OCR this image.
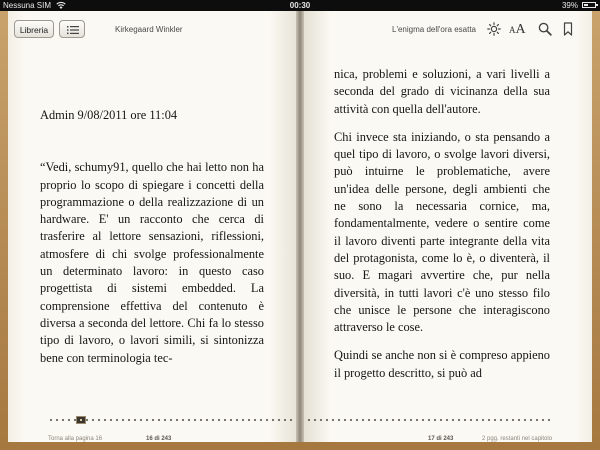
Nessuna SIM	00:30	39%
Libreria	Kirkegaard Winkler	L'enigma dell'ora esatta	AA

Admin 9/08/2011 ore 11:04

“Vedi, schumy91, quello che hai letto non ha proprio lo scopo di spiegare i concetti della programmazione o della realizzazione di un hardware. E' un racconto che cerca di trasferire al lettore sensazioni, riflessioni, atmosfere di chi svolge professionalmente un determinato lavoro: in questo caso progettista di sistemi embedded. La comprensione effettiva del contenuto è diversa a seconda del lettore. Chi fa lo stesso tipo di lavoro, o lavori simili, si sintonizza bene con terminologia tec-

nica, problemi e soluzioni, a vari livelli a seconda del grado di vicinanza della sua attività con quella dell'autore.

Chi invece sta iniziando, o sta pensando a quel tipo di lavoro, o svolge lavori diversi, può intuirne le problematiche, avere un'idea delle persone, degli ambienti che ne sono la necessaria cornice, ma, fondamentalmente, vedere o sentire come il lavoro diventi parte integrante della vita del protagonista, come lo è, o diventerà, il suo. E magari avvertire che, pur nella diversità, in tutti lavori c'è uno stesso filo che unisce le persone che interagiscono attraverso le cose.

Quindi se anche non si è compreso appieno il progetto descritto, si può ad

Torna alla pagina 16	16 di 243	17 di 243	2 pgg. restanti nel capitolo
